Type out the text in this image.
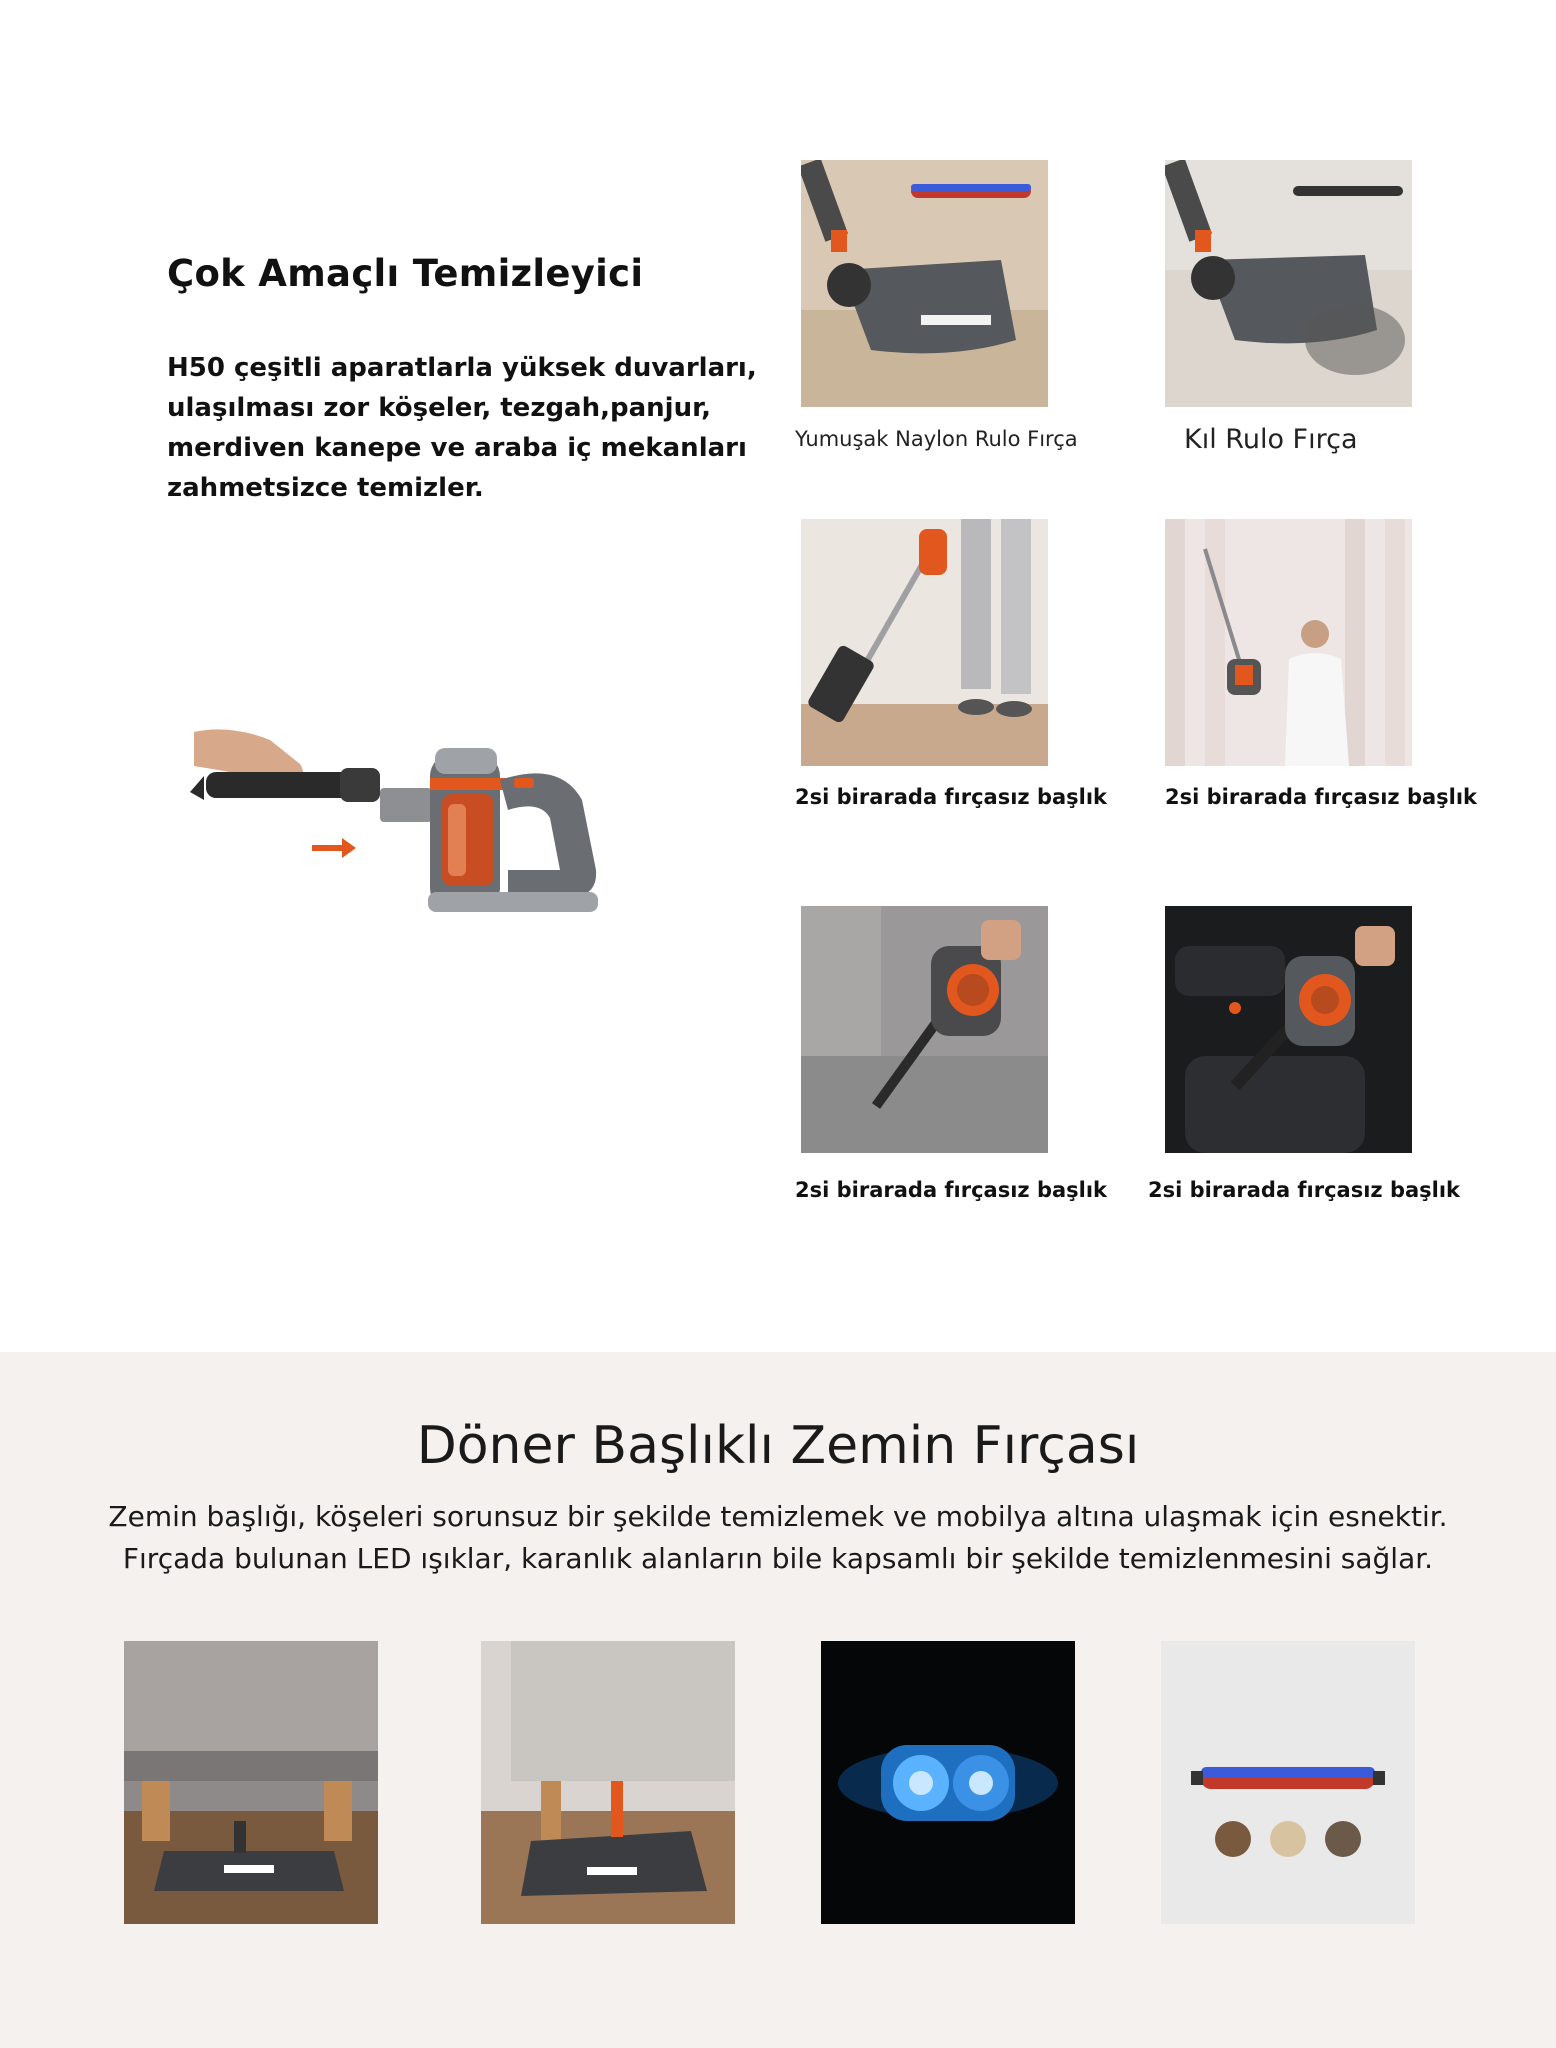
Çok Amaçlı Temizleyici
H50 çeşitli aparatlarla yüksek duvarları,
ulaşılması zor köşeler, tezgah,panjur,
merdiven kanepe ve araba iç mekanları
zahmetsizce temizler.
Yumuşak Naylon Rulo Fırça	Kıl Rulo Fırça
2si birarada fırçasız başlık	2si birarada fırçasız başlık
2si birarada fırçasız başlık 2si birarada fırçasız başlık
Döner Başlıklı Zemin Fırçası
Zemin başlığı, köşeleri sorunsuz bir şekilde temizlemek ve mobilya altına ulaşmak için esnektir.
Fırçada bulunan LED ışıklar, karanlık alanların bile kapsamlı bir şekilde temizlenmesini sağlar.
